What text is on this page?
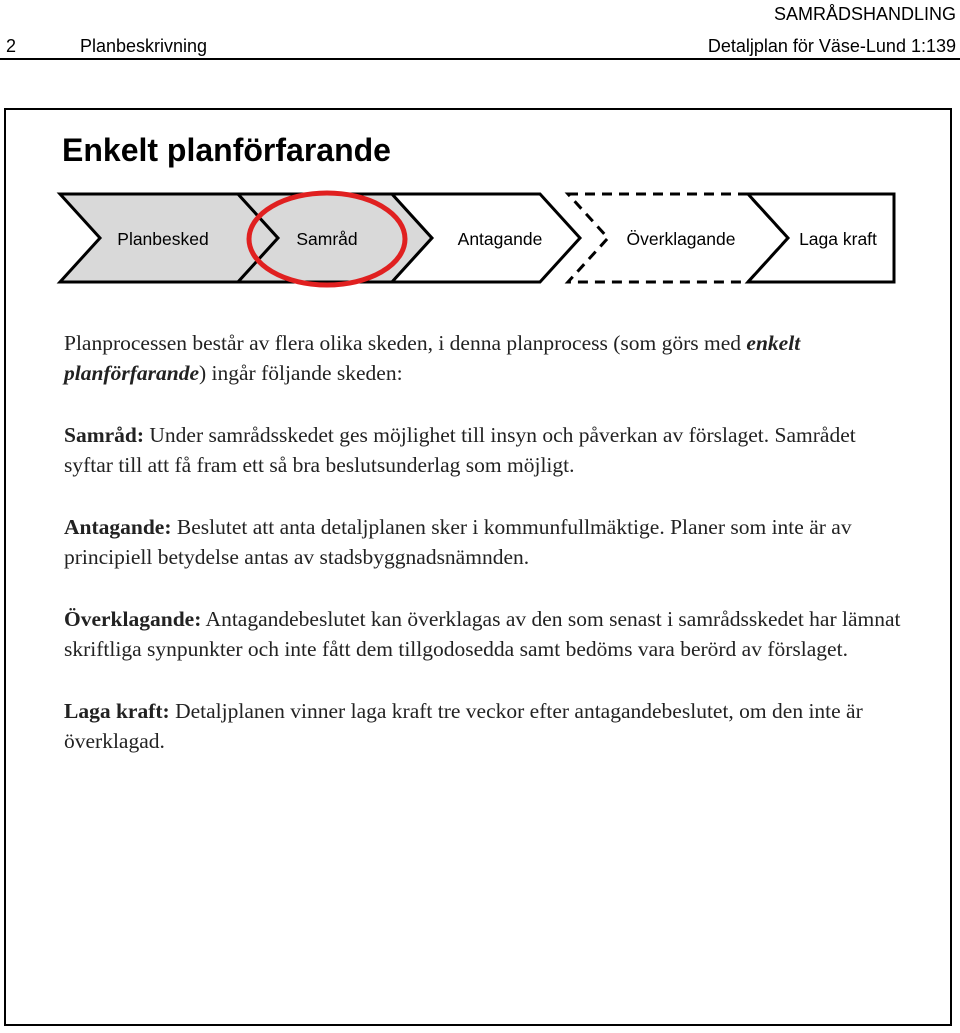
SAMRÅDSHANDLING
2	Planbeskrivning	Detaljplan för Väse-Lund 1:139
Enkelt planförfarande
Planbesked	Samråd	Antagande	Överklagande	Laga kraft

Planprocessen består av flera olika skeden, i denna planprocess (som görs med enkelt planförfarande) ingår följande skeden:

Samråd: Under samrådsskedet ges möjlighet till insyn och påverkan av förslaget. Samrådet syftar till att få fram ett så bra beslutsunderlag som möjligt.

Antagande: Beslutet att anta detaljplanen sker i kommunfullmäktige. Planer som inte är av principiell betydelse antas av stadsbyggnadsnämnden.

Överklagande: Antagandebeslutet kan överklagas av den som senast i samrådsskedet har lämnat skriftliga synpunkter och inte fått dem tillgodosedda samt bedöms vara berörd av förslaget.

Laga kraft: Detaljplanen vinner laga kraft tre veckor efter antagandebeslutet, om den inte är överklagad.
